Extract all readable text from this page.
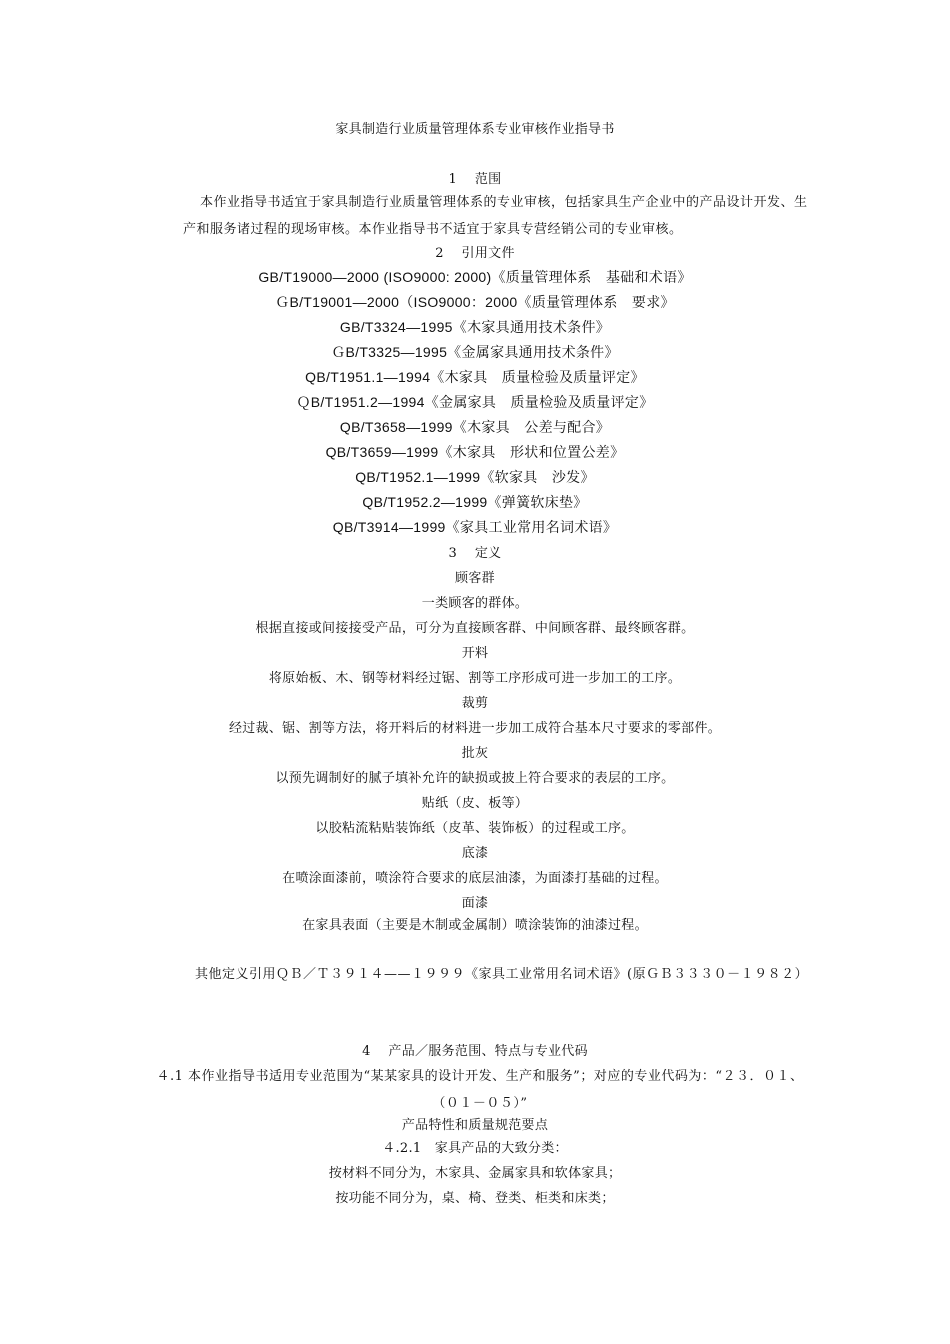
家具制造行业质量管理体系专业审核作业指导书
1　 范围
本作业指导书适宜于家具制造行业质量管理体系的专业审核，包括家具生产企业中的产品设计开发、生产和服务诸过程的现场审核。本作业指导书不适宜于家具专营经销公司的专业审核。
2　 引用文件
GB/T19000—2000 (ISO9000: 2000)《质量管理体系　基础和术语》
ＧB/T19001—2000（ISO9000：2000《质量管理体系　要求》
GB/T3324—1995《木家具通用技术条件》
ＧB/T3325—1995《金属家具通用技术条件》
QB/T1951.1—1994《木家具　质量检验及质量评定》
ＱB/T1951.2—1994《金属家具　质量检验及质量评定》
QB/T3658—1999《木家具　公差与配合》
QB/T3659—1999《木家具　形状和位置公差》
QB/T1952.1—1999《软家具　沙发》
QB/T1952.2—1999《弹簧软床垫》
QB/T3914—1999《家具工业常用名词术语》
3　 定义
顾客群
一类顾客的群体。
根据直接或间接接受产品，可分为直接顾客群、中间顾客群、最终顾客群。
开料
将原始板、木、钢等材料经过锯、割等工序形成可进一步加工的工序。
裁剪
经过裁、锯、割等方法，将开料后的材料进一步加工成符合基本尺寸要求的零部件。
批灰
以预先调制好的腻子填补允许的缺损或披上符合要求的表层的工序。
贴纸（皮、板等）
以胶粘流粘贴装饰纸（皮革、装饰板）的过程或工序。
底漆
在喷涂面漆前，喷涂符合要求的底层油漆，为面漆打基础的过程。
面漆
在家具表面（主要是木制或金属制）喷涂装饰的油漆过程。
其他定义引用ＱＢ／Ｔ３９１４——１９９９《家具工业常用名词术语》(原ＧＢ３３３０－１９８２）
4　 产品／服务范围、特点与专业代码
４.1 本作业指导书适用专业范围为“某某家具的设计开发、生产和服务”；对应的专业代码为：“２３．０１、（０１－０５）”
产品特性和质量规范要点
４.2.1　家具产品的大致分类：
按材料不同分为，木家具、金属家具和软体家具；
按功能不同分为，桌、椅、登类、柜类和床类；
